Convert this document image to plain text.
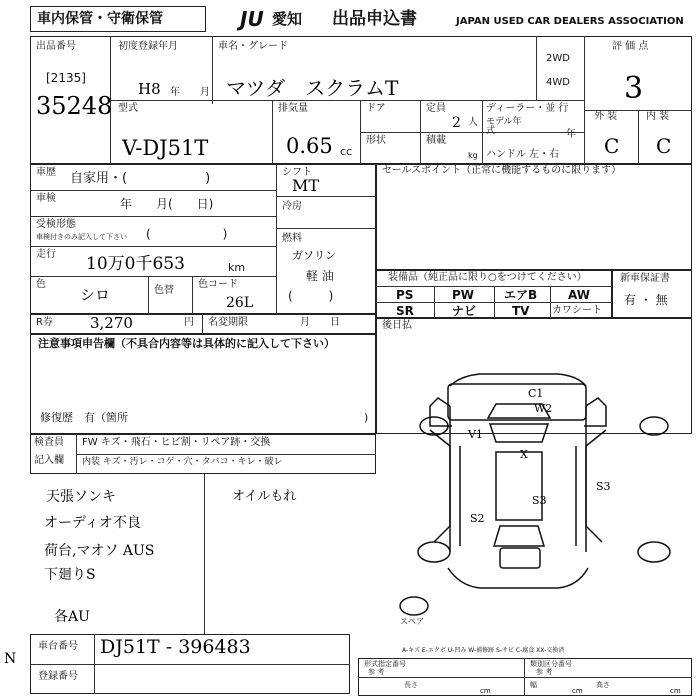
車内保管・守衛保管	JU 愛知 出品申込書	JAPAN USED CAR DEALERS ASSOCIATION
出品番号
[2135]
35248
初度登録年月
H8 年 月
車名・グレード
マツダ　スクラムT
2WD
4WD
評 価 点
3
型式
V-DJ51T
排気量
0.65 cc
ドア
形状
定員
2 人
積載
kg
ディーラー・並 行
モデル年式	年
ハンドル 左・右
外 装	内 装
C C
車歴 自家用・(　　　　　　)
車検	年　　月(　　日)
受検形態
車検付きのみ記入して下さい (　　　　　　)
走行 10万0千653	km
色
シロ	色替
色コード
26L
シフト
MT
冷房
燃料
ガソリン
軽 油
(　　　)
セールスポイント（正常に機能するものに限ります）
装備品（純正品に限り○をつけてください）
PS	PW エアB	AW
SR	ナビ	TV カワシート
新車保証書
有 ・ 無
R券 3,270	円 名変期限	月　　日	後日払
注意事項申告欄（不具合内容等は具体的に記入して下さい）
修復歴　有（箇所	)
検査員
記入欄
FW キズ・飛石・ヒビ割・リペア跡・交換
内装 キズ・汚レ・コゲ・穴・タバコ・キレ・破レ
天張ソンキ
オーディオ不良
荷台,マオソ AUS
下廻りS
各AU
オイルもれ
C1
W2
V1
X
S3
S2
S3
スペア
車台番号 DJ51T - 396483
登録番号
N
A-キズ E-エクボ U-凹み W-補修跡 S-サビ C-腐食 XX-交換済
形式指定番号
参 考
類別区分番号
参 考
長さ
cm
幅
cm
高さ
cm
